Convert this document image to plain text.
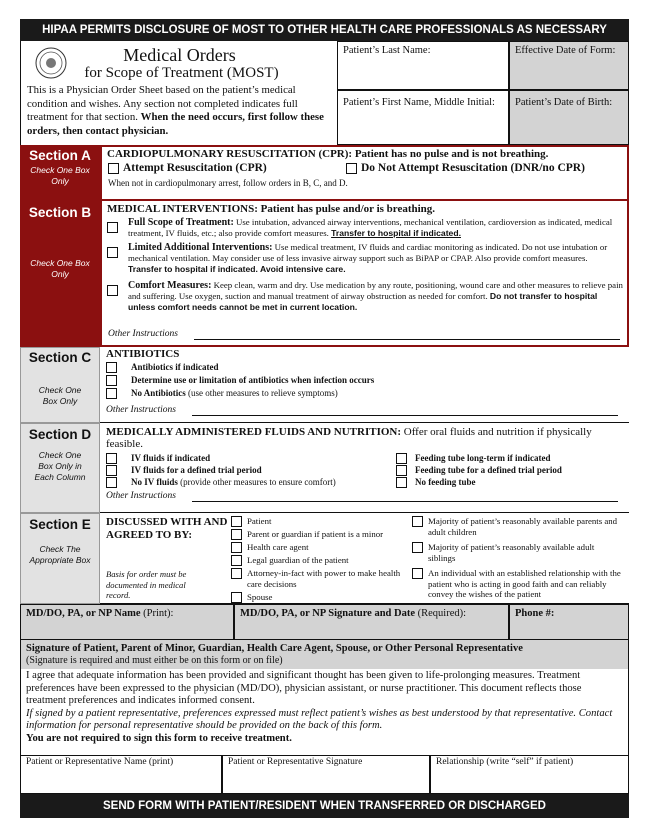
HIPAA PERMITS DISCLOSURE OF MOST TO OTHER HEALTH CARE PROFESSIONALS AS NECESSARY
Medical Orders
for Scope of Treatment (MOST)
This is a Physician Order Sheet based on the patient’s medical condition and wishes. Any section not completed indicates full treatment for that section. When the need occurs, first follow these orders, then contact physician.
Patient’s Last Name:	Effective Date of Form:
Patient’s First Name, Middle Initial:	Patient’s Date of Birth:
Section A
Check One Box Only
CARDIOPULMONARY RESUSCITATION (CPR): Patient has no pulse and is not breathing.
Attempt Resuscitation (CPR)	Do Not Attempt Resuscitation (DNR/no CPR)
When not in cardiopulmonary arrest, follow orders in B, C, and D.
Section B
Check One Box Only
MEDICAL INTERVENTIONS: Patient has pulse and/or is breathing.
Full Scope of Treatment: Use intubation, advanced airway interventions, mechanical ventilation, cardioversion as indicated, medical treatment, IV fluids, etc.; also provide comfort measures. Transfer to hospital if indicated.
Limited Additional Interventions: Use medical treatment, IV fluids and cardiac monitoring as indicated. Do not use intubation or mechanical ventilation. May consider use of less invasive airway support such as BiPAP or CPAP. Also provide comfort measures. Transfer to hospital if indicated. Avoid intensive care.
Comfort Measures: Keep clean, warm and dry. Use medication by any route, positioning, wound care and other measures to relieve pain and suffering. Use oxygen, suction and manual treatment of airway obstruction as needed for comfort. Do not transfer to hospital unless comfort needs cannot be met in current location.
Other Instructions
Section C
Check One Box Only
ANTIBIOTICS
Antibiotics if indicated
Determine use or limitation of antibiotics when infection occurs
No Antibiotics (use other measures to relieve symptoms)
Other Instructions
Section D
Check One Box Only in Each Column
MEDICALLY ADMINISTERED FLUIDS AND NUTRITION: Offer oral fluids and nutrition if physically feasible.
IV fluids if indicated
IV fluids for a defined trial period
No IV fluids (provide other measures to ensure comfort)
Feeding tube long-term if indicated
Feeding tube for a defined trial period
No feeding tube
Other Instructions
Section E
Check The Appropriate Box
DISCUSSED WITH AND AGREED TO BY:
Basis for order must be documented in medical record.
Patient
Parent or guardian if patient is a minor
Health care agent
Legal guardian of the patient
Attorney-in-fact with power to make health care decisions
Spouse
Majority of patient’s reasonably available parents and adult children
Majority of patient’s reasonably available adult siblings
An individual with an established relationship with the patient who is acting in good faith and can reliably convey the wishes of the patient
MD/DO, PA, or NP Name (Print):	MD/DO, PA, or NP Signature and Date (Required):	Phone #:
Signature of Patient, Parent of Minor, Guardian, Health Care Agent, Spouse, or Other Personal Representative
(Signature is required and must either be on this form or on file)
I agree that adequate information has been provided and significant thought has been given to life-prolonging measures. Treatment preferences have been expressed to the physician (MD/DO), physician assistant, or nurse practitioner. This document reflects those treatment preferences and indicates informed consent.
If signed by a patient representative, preferences expressed must reflect patient’s wishes as best understood by that representative. Contact information for personal representative should be provided on the back of this form.
You are not required to sign this form to receive treatment.
Patient or Representative Name (print)	Patient or Representative Signature	Relationship (write “self” if patient)
SEND FORM WITH PATIENT/RESIDENT WHEN TRANSFERRED OR DISCHARGED
